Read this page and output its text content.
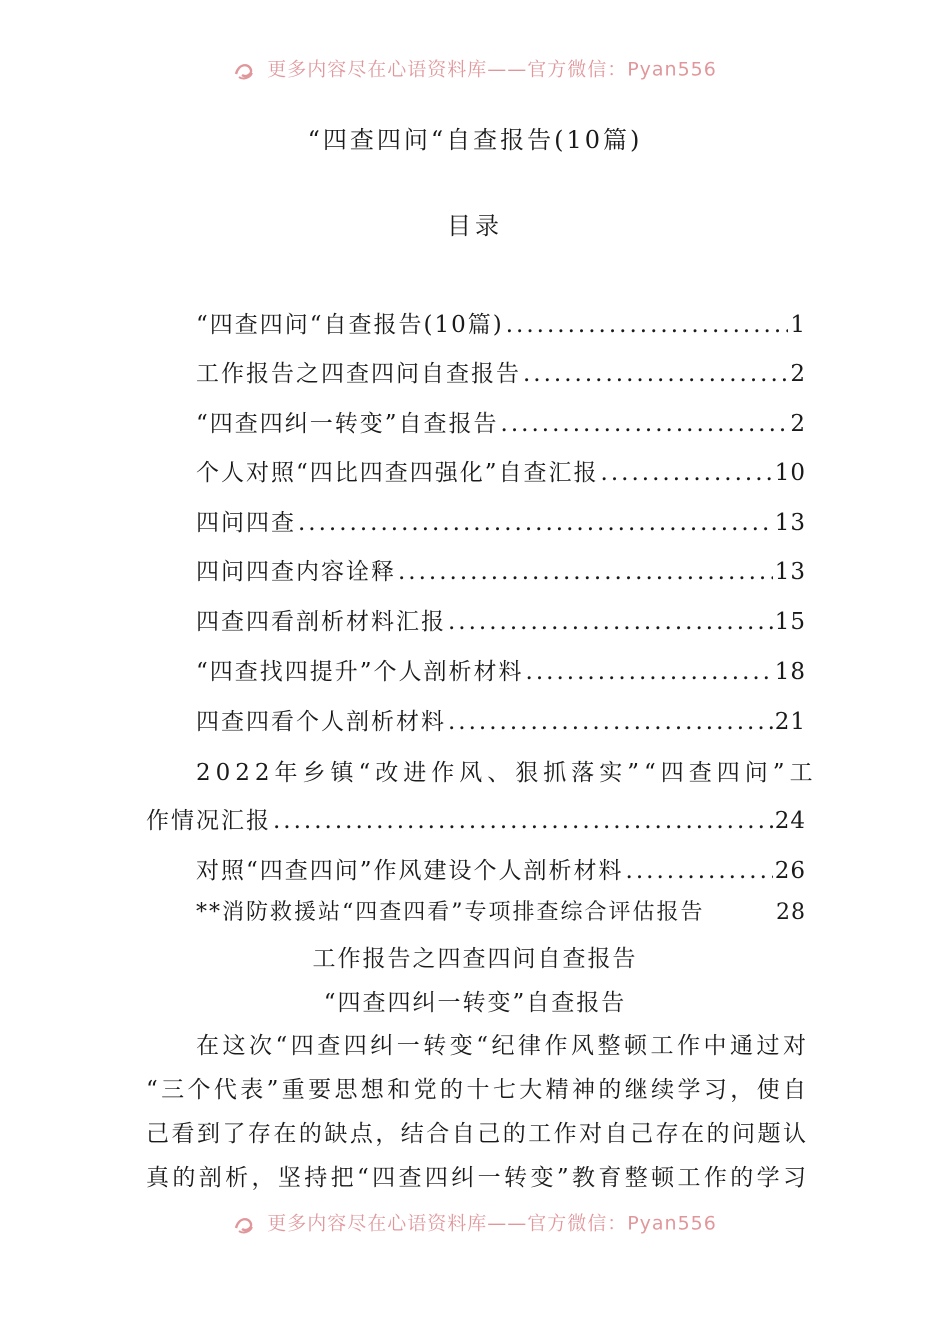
更多内容尽在心语资料库——官方微信：Pyan556
“四查四问“自查报告(10篇)
目录
“四查四问“自查报告(10篇) .....	1
工作报告之四查四问自查报告 .....	2
“四查四纠一转变”自查报告 .....	2
个人对照“四比四查四强化”自查汇报 .....	10
四问四查 .....	13
四问四查内容诠释 .....	13
四查四看剖析材料汇报 .....	15
“四查找四提升”个人剖析材料 .....	18
四查四看个人剖析材料 .....	21
2022年乡镇“改进作风、狠抓落实”“四查四问”工
作情况汇报 .....	24
对照“四查四问”作风建设个人剖析材料 .....	26
**消防救援站“四查四看”专项排查综合评估报告	28
工作报告之四查四问自查报告
“四查四纠一转变”自查报告
在这次“四查四纠一转变“纪律作风整顿工作中通过对
“三个代表”重要思想和党的十七大精神的继续学习，使自
己看到了存在的缺点，结合自己的工作对自己存在的问题认
真的剖析，坚持把“四查四纠一转变”教育整顿工作的学习
更多内容尽在心语资料库——官方微信：Pyan556
